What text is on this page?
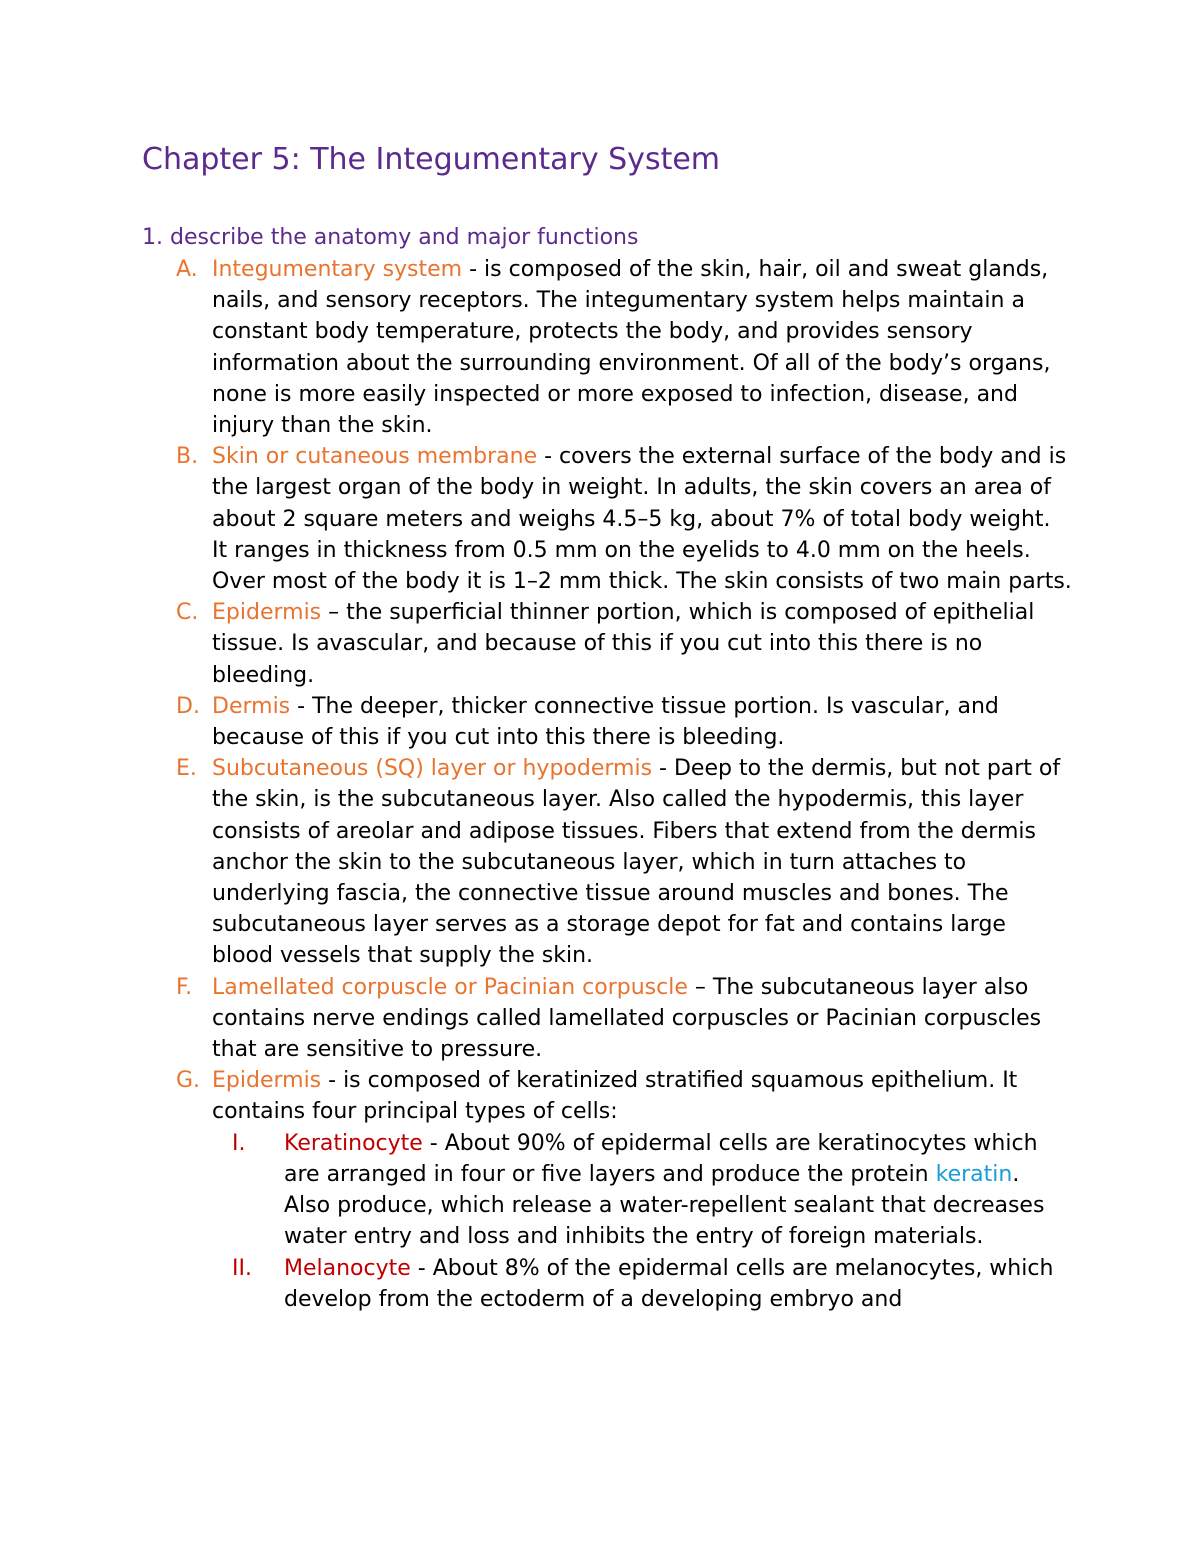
Chapter 5: The Integumentary System

1. describe the anatomy and major functions

A. Integumentary system - is composed of the skin, hair, oil and sweat glands, nails, and sensory receptors. The integumentary system helps maintain a constant body temperature, protects the body, and provides sensory information about the surrounding environment. Of all of the body’s organs, none is more easily inspected or more exposed to infection, disease, and injury than the skin.
B. Skin or cutaneous membrane - covers the external surface of the body and is the largest organ of the body in weight. In adults, the skin covers an area of about 2 square meters and weighs 4.5–5 kg, about 7% of total body weight. It ranges in thickness from 0.5 mm on the eyelids to 4.0 mm on the heels. Over most of the body it is 1–2 mm thick. The skin consists of two main parts.
C. Epidermis – the superficial thinner portion, which is composed of epithelial tissue. Is avascular, and because of this if you cut into this there is no bleeding.
D. Dermis - The deeper, thicker connective tissue portion. Is vascular, and because of this if you cut into this there is bleeding.
E. Subcutaneous (SQ) layer or hypodermis - Deep to the dermis, but not part of the skin, is the subcutaneous layer. Also called the hypodermis, this layer consists of areolar and adipose tissues. Fibers that extend from the dermis anchor the skin to the subcutaneous layer, which in turn attaches to underlying fascia, the connective tissue around muscles and bones. The subcutaneous layer serves as a storage depot for fat and contains large blood vessels that supply the skin.
F. Lamellated corpuscle or Pacinian corpuscle – The subcutaneous layer also contains nerve endings called lamellated corpuscles or Pacinian corpuscles that are sensitive to pressure.
G. Epidermis - is composed of keratinized stratified squamous epithelium. It contains four principal types of cells:
I. Keratinocyte - About 90% of epidermal cells are keratinocytes which are arranged in four or five layers and produce the protein keratin. Also produce, which release a water-repellent sealant that decreases water entry and loss and inhibits the entry of foreign materials.
II. Melanocyte - About 8% of the epidermal cells are melanocytes, which develop from the ectoderm of a developing embryo and
